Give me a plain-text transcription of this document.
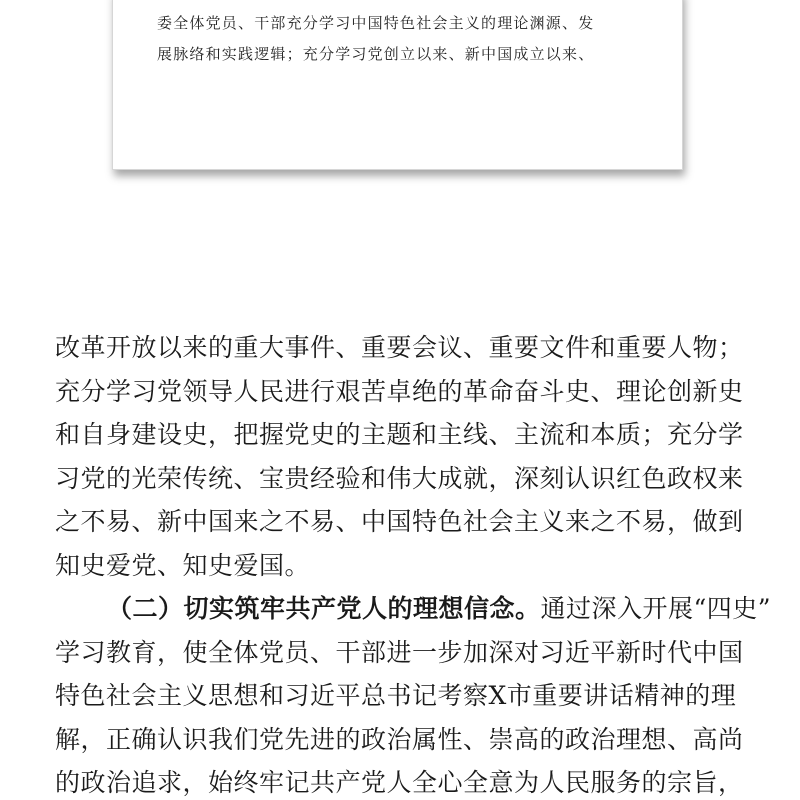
委全体党员、干部充分学习中国特色社会主义的理论渊源、发
展脉络和实践逻辑；充分学习党创立以来、新中国成立以来、
改革开放以来的重大事件、重要会议、重要文件和重要人物；
充分学习党领导人民进行艰苦卓绝的革命奋斗史、理论创新史
和自身建设史，把握党史的主题和主线、主流和本质；充分学
习党的光荣传统、宝贵经验和伟大成就，深刻认识红色政权来
之不易、新中国来之不易、中国特色社会主义来之不易，做到
知史爱党、知史爱国。
（二）切实筑牢共产党人的理想信念。通过深入开展“四史”
学习教育，使全体党员、干部进一步加深对习近平新时代中国
特色社会主义思想和习近平总书记考察X市重要讲话精神的理
解，正确认识我们党先进的政治属性、崇高的政治理想、高尚
的政治追求，始终牢记共产党人全心全意为人民服务的宗旨，
